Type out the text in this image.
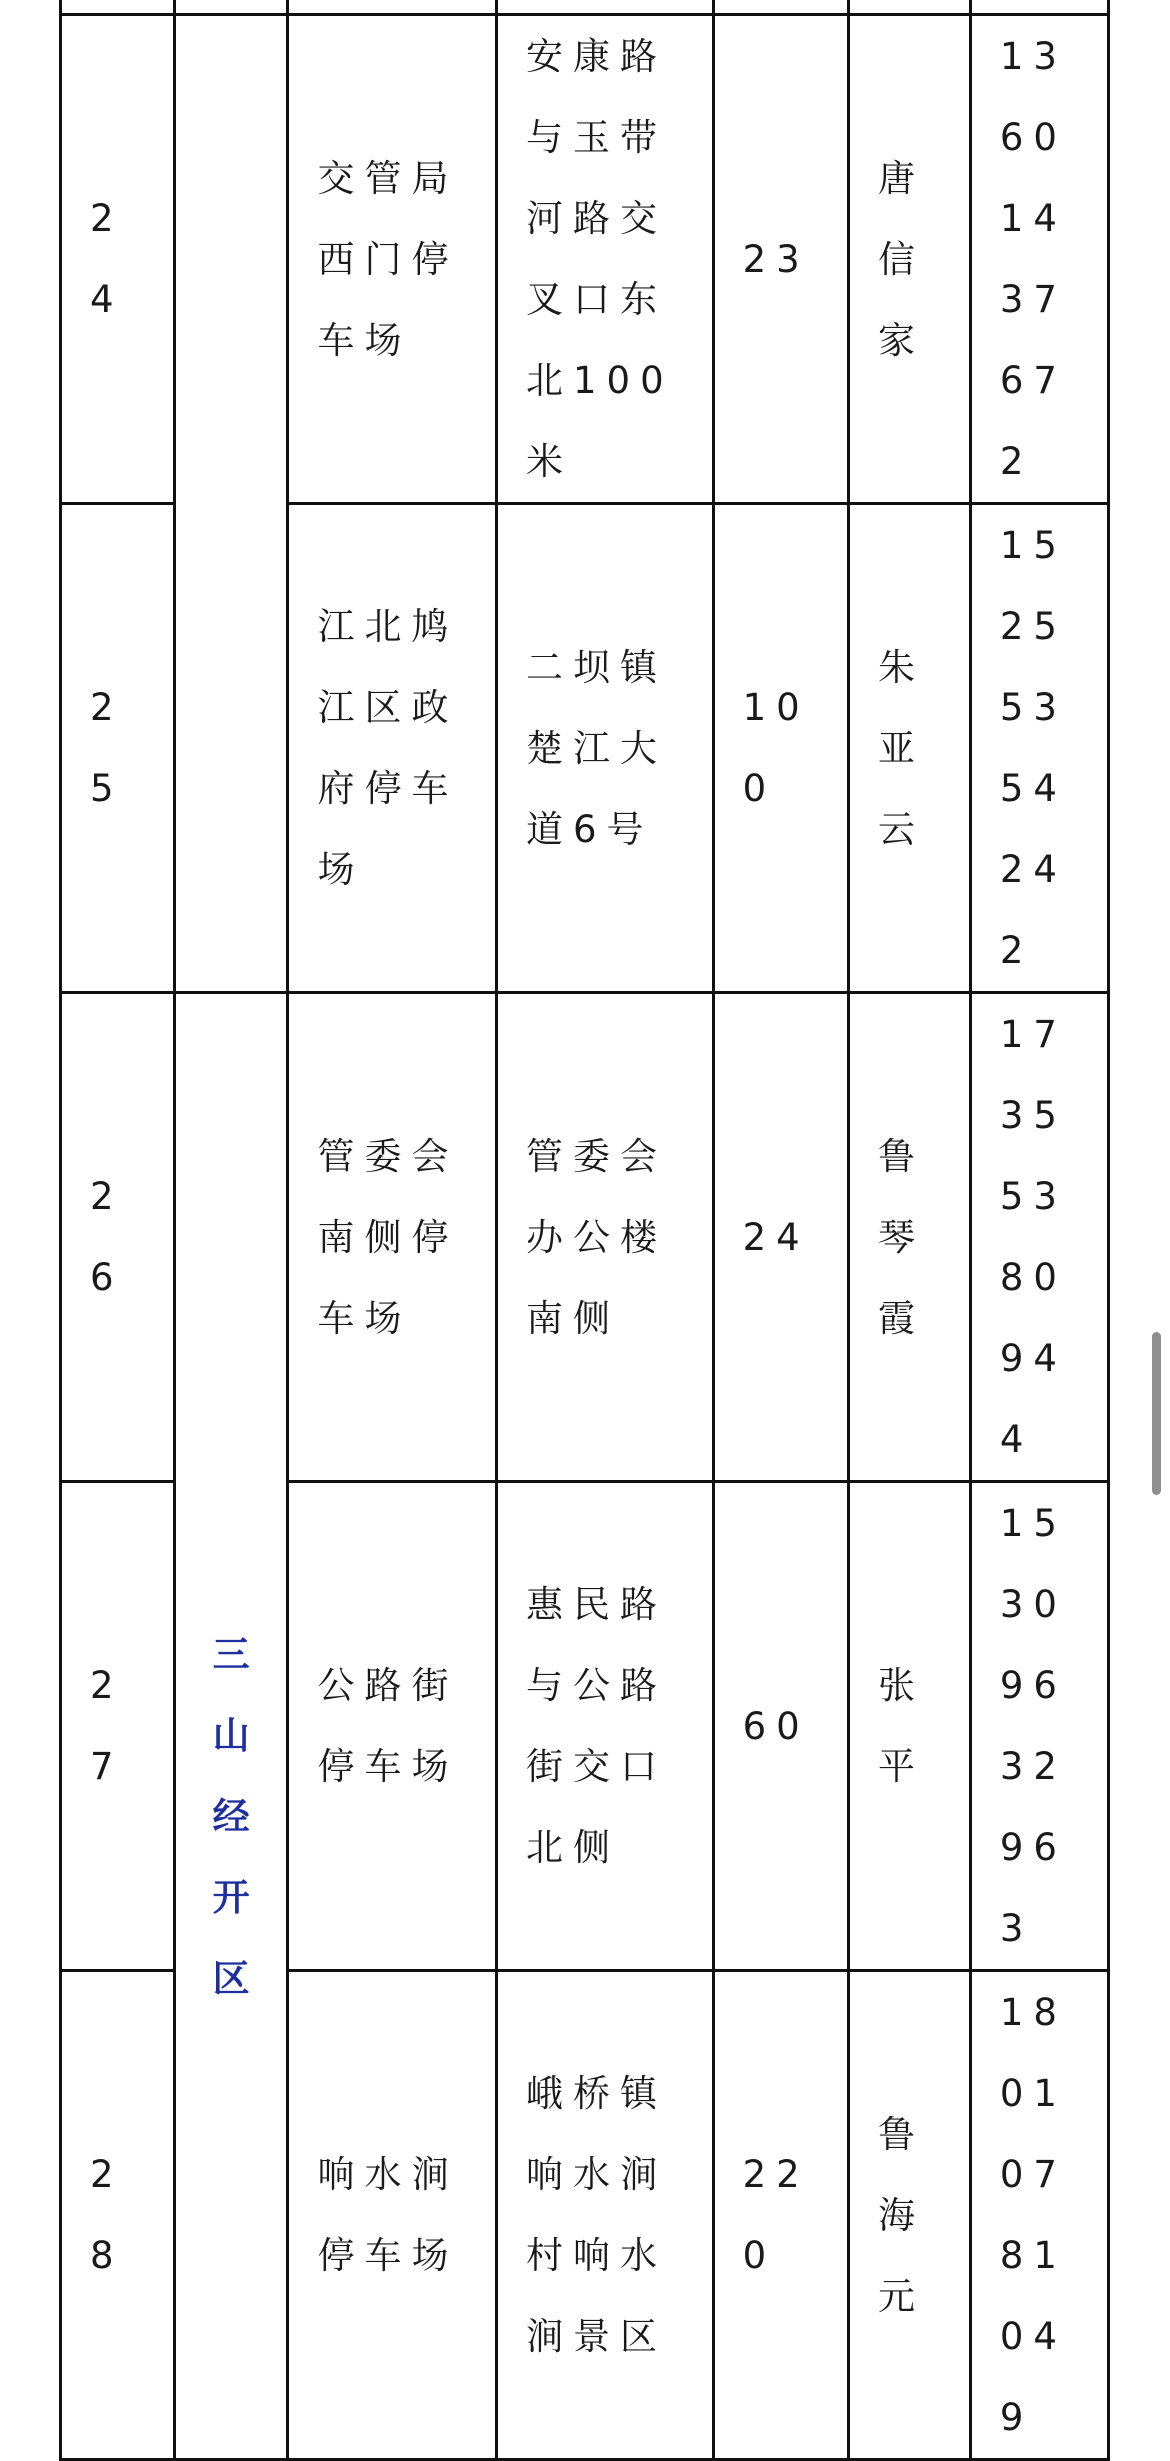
24		交管局西门停车场	安康路与玉带河路交叉口东北100米	23	唐信家	13601437672
25		江北鸠江区政府停车场	二坝镇楚江大道6号	100	朱亚云	15255354242
26	三山经开区	管委会南侧停车场	管委会办公楼南侧	24	鲁琴霞	17355380944
27		公路街停车场	惠民路与公路街交口北侧	60	张平	15309632963
28		响水涧停车场	峨桥镇响水涧村响水涧景区	220	鲁海元	18010781049
